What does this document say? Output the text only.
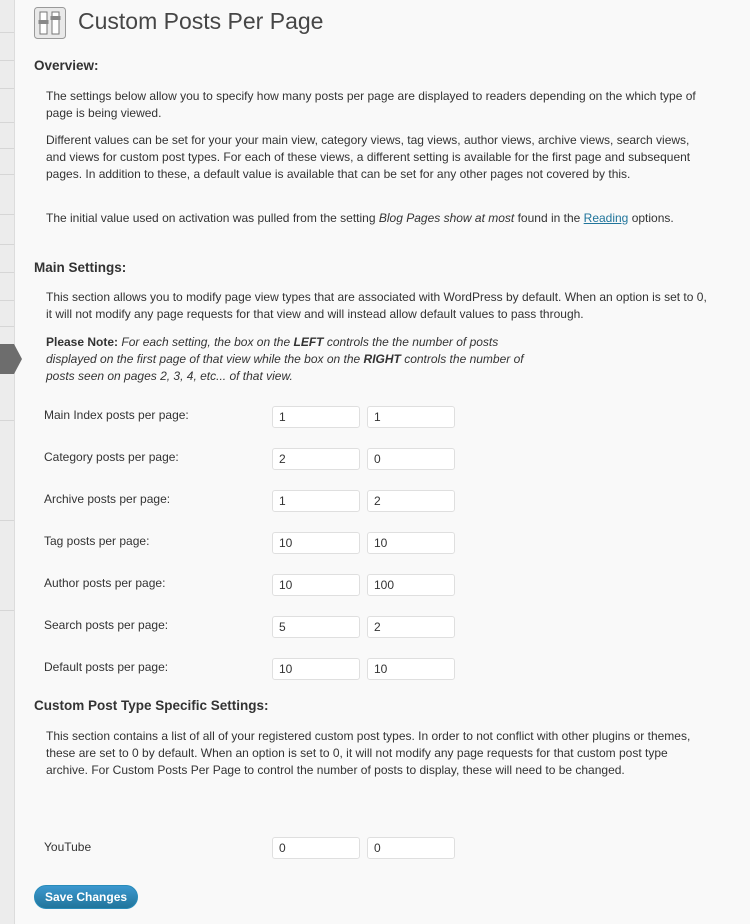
Custom Posts Per Page
Overview:

The settings below allow you to specify how many posts per page are displayed to readers depending on the which type of page is being viewed.

Different values can be set for your your main view, category views, tag views, author views, archive views, search views, and views for custom post types. For each of these views, a different setting is available for the first page and subsequent pages. In addition to these, a default value is available that can be set for any other pages not covered by this.

The initial value used on activation was pulled from the setting Blog Pages show at most found in the Reading options.

Main Settings:

This section allows you to modify page view types that are associated with WordPress by default. When an option is set to 0, it will not modify any page requests for that view and will instead allow default values to pass through.

Please Note: For each setting, the box on the LEFT controls the the number of posts displayed on the first page of that view while the box on the RIGHT controls the number of posts seen on pages 2, 3, 4, etc... of that view.

Main Index posts per page:	1	1
Category posts per page:	2	0
Archive posts per page:	1	2
Tag posts per page:	10	10
Author posts per page:	10	100
Search posts per page:	5	2
Default posts per page:	10	10
Custom Post Type Specific Settings:

This section contains a list of all of your registered custom post types. In order to not conflict with other plugins or themes, these are set to 0 by default. When an option is set to 0, it will not modify any page requests for that custom post type archive. For Custom Posts Per Page to control the number of posts to display, these will need to be changed.

YouTube	0	0
Save Changes
